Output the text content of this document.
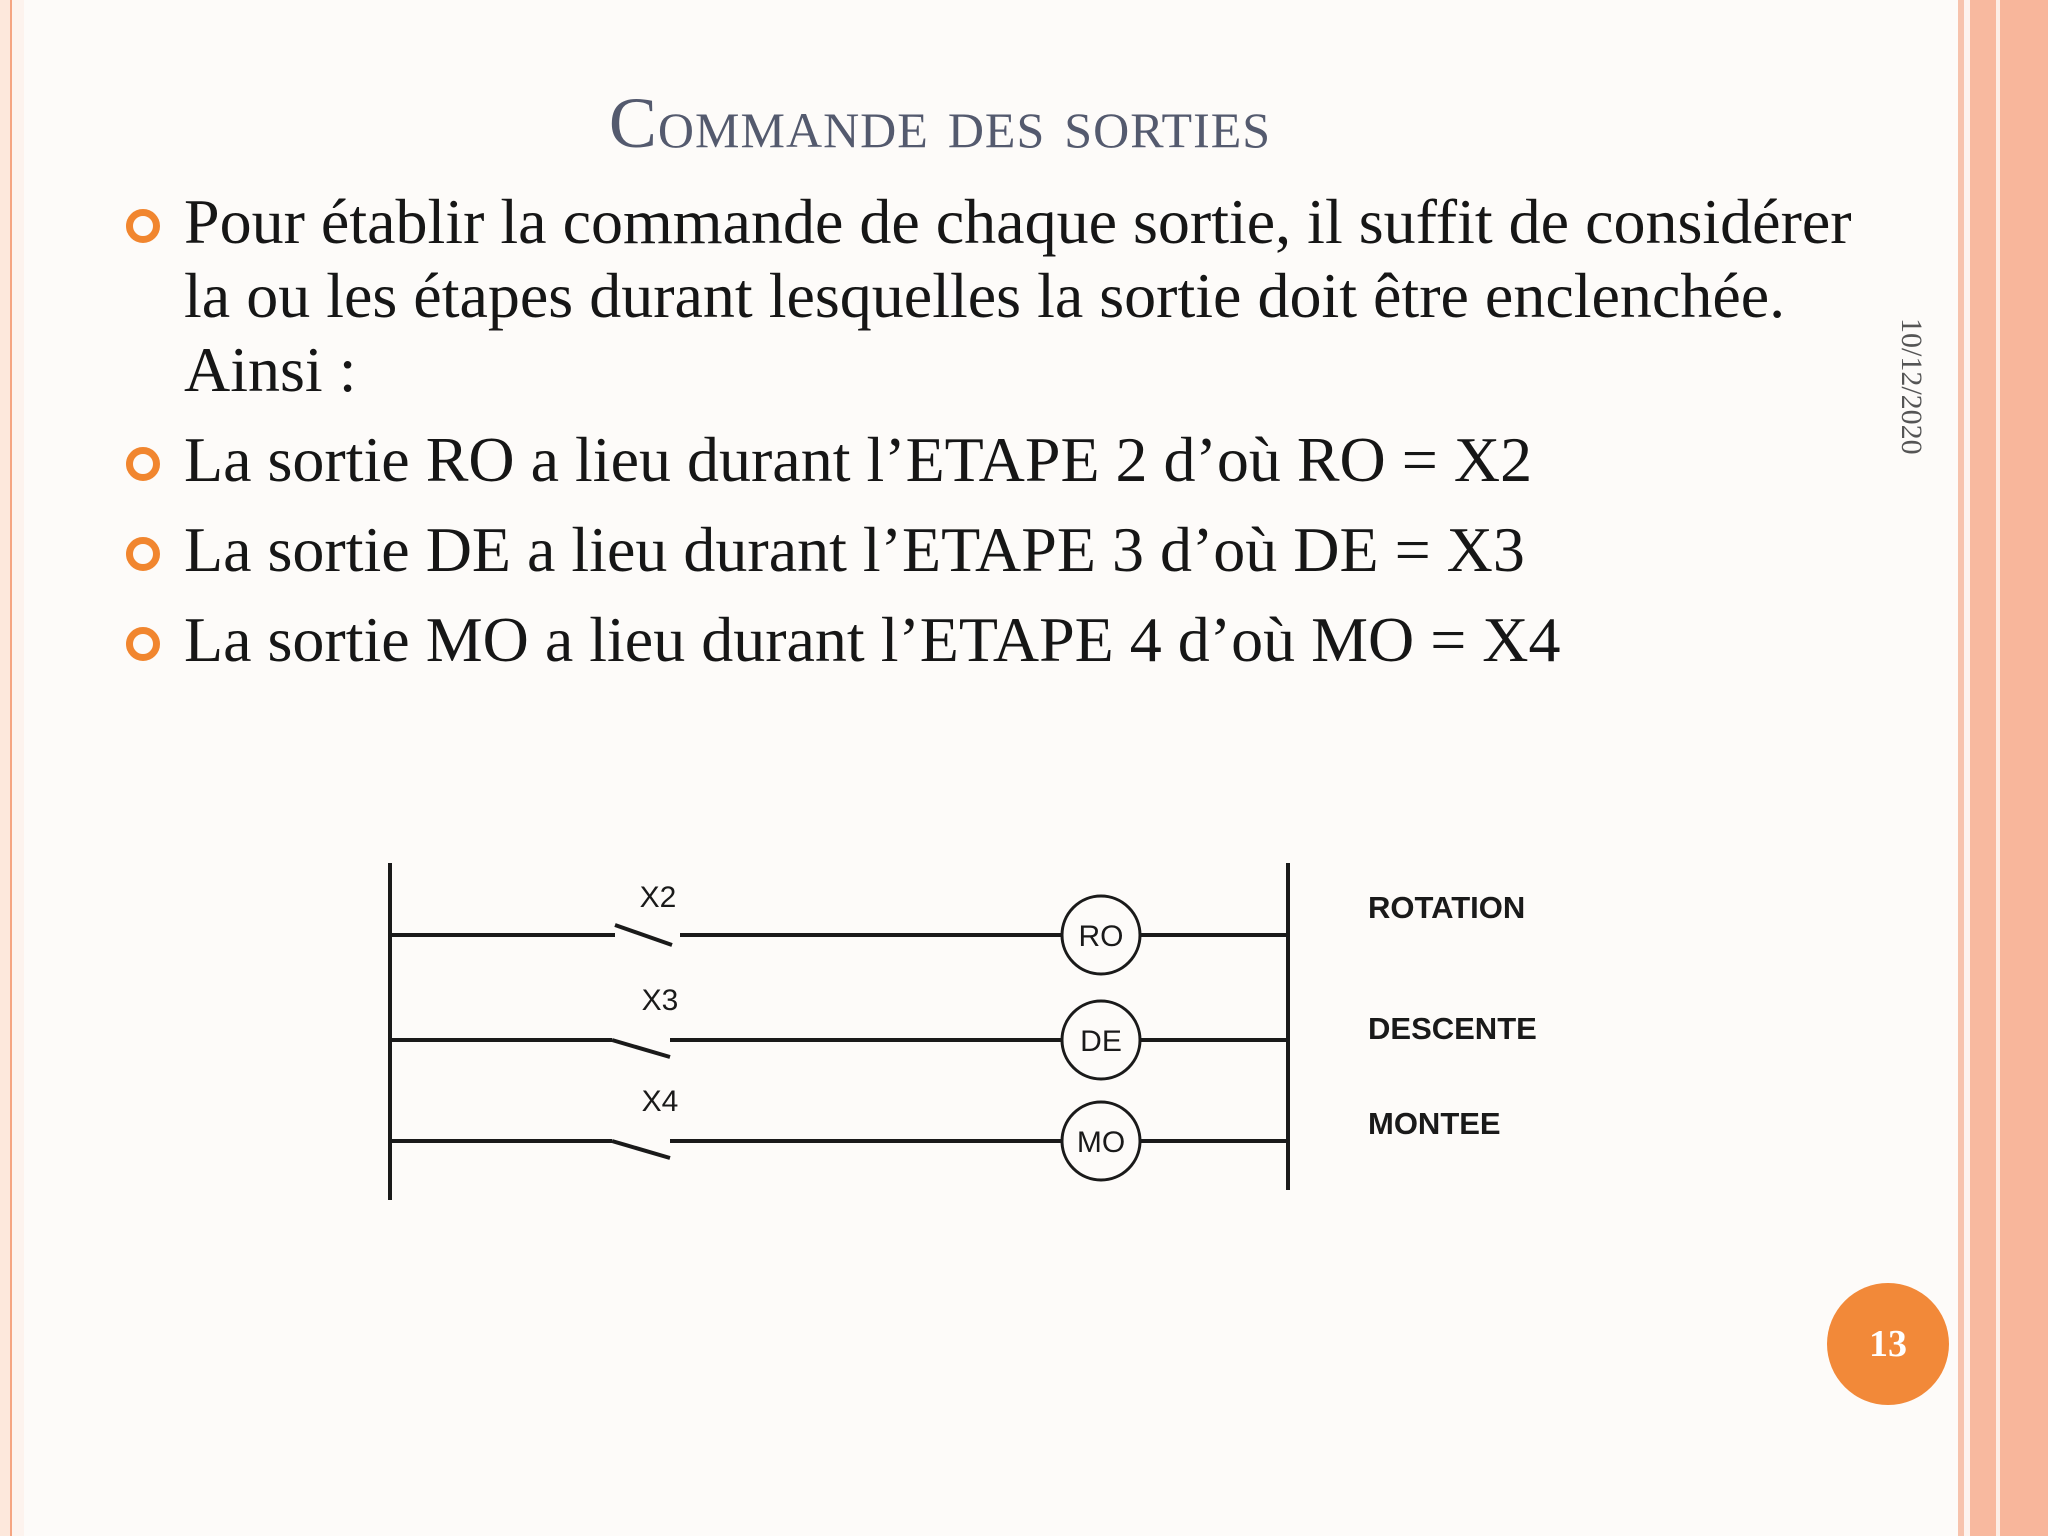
Commande des sorties
Pour établir la commande de chaque sortie, il suffit de considérer la ou les étapes durant lesquelles la sortie doit être enclenchée. Ainsi :
La sortie RO a lieu durant l’ETAPE 2 d’où RO = X2
La sortie DE a lieu durant l’ETAPE 3 d’où DE = X3
La sortie MO a lieu durant l’ETAPE 4 d’où MO = X4
10/12/2020
X2
RO
ROTATION
X3
DE	DESCENTE
X4
MO
MONTEE
13
